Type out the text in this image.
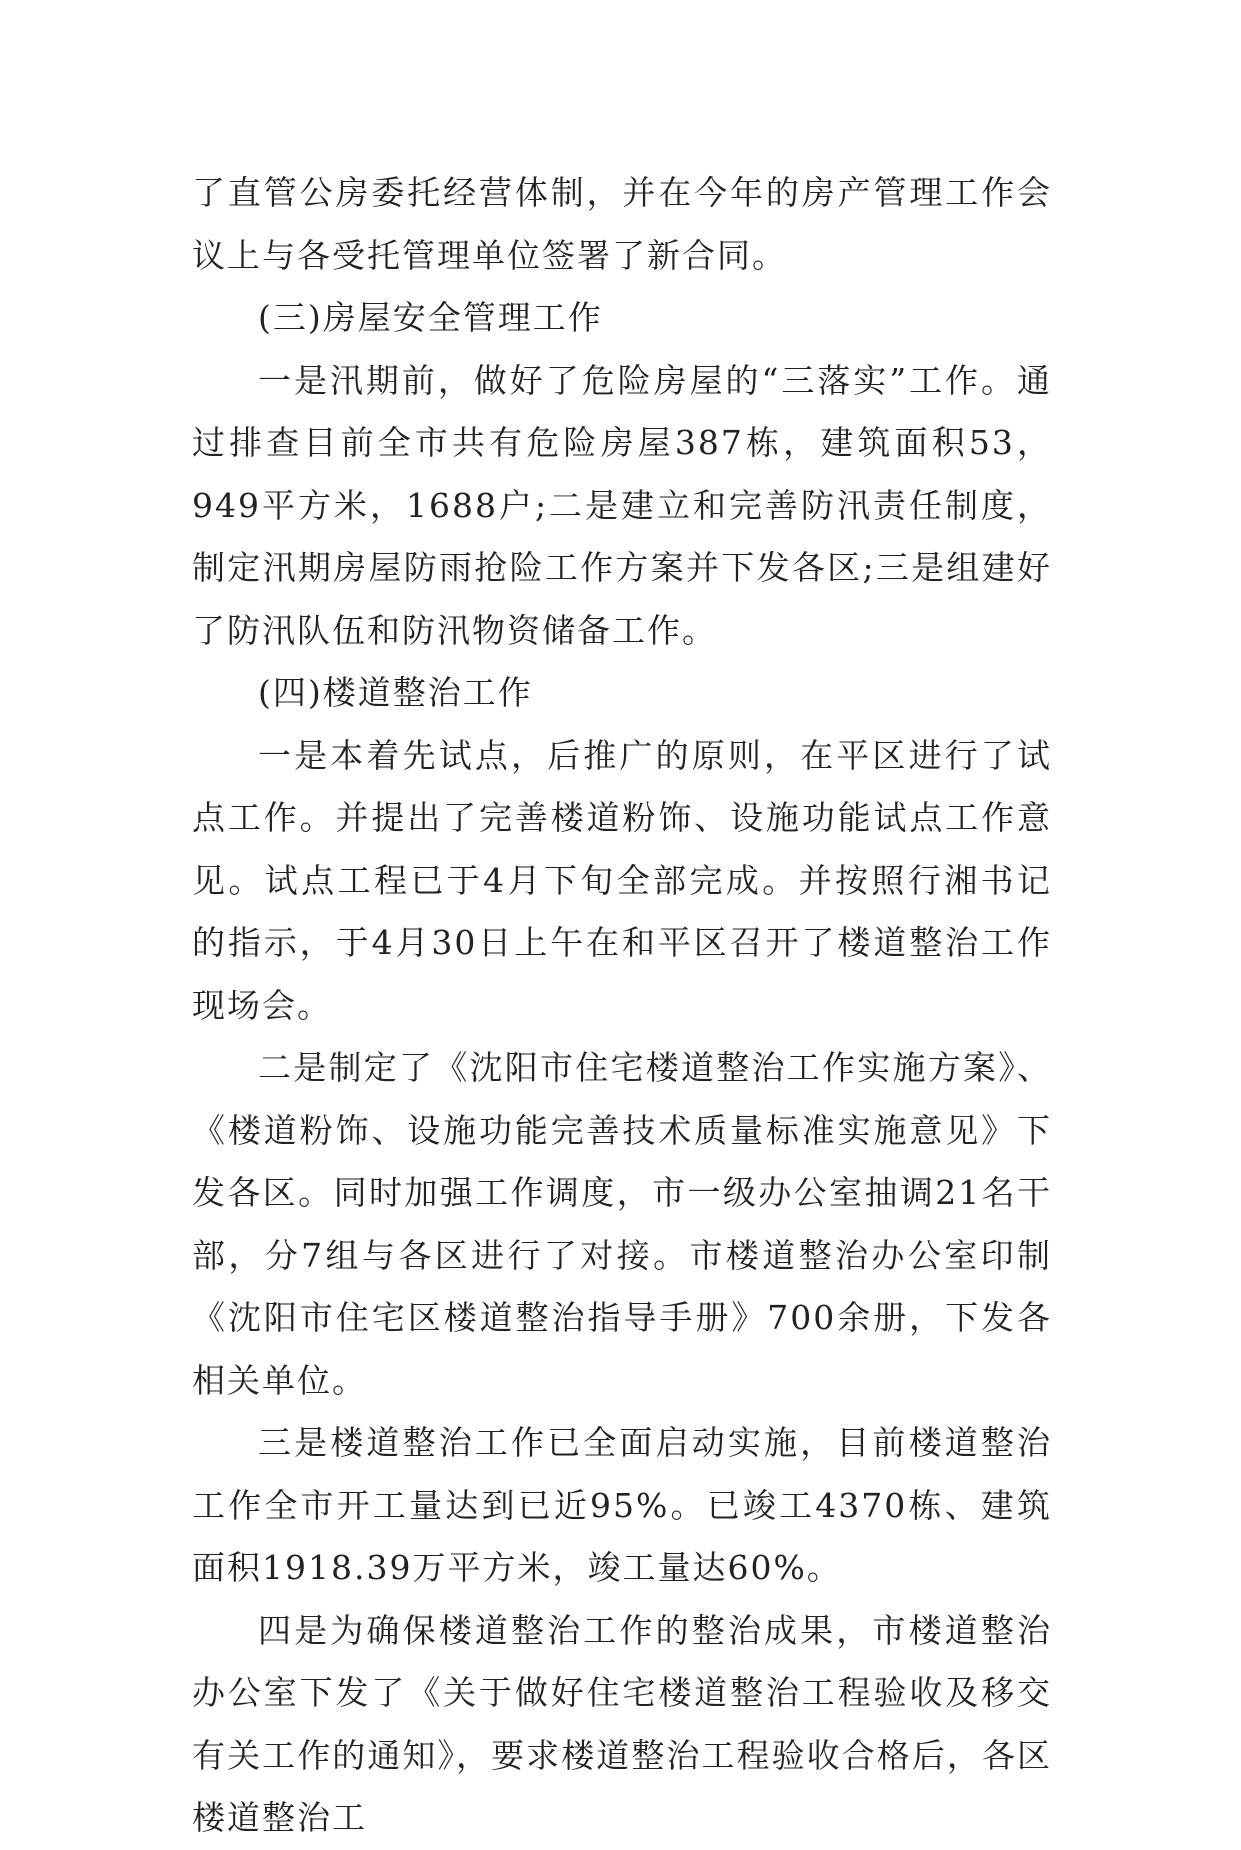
了直管公房委托经营体制，并在今年的房产管理工作会议上与各受托管理单位签署了新合同。

(三)房屋安全管理工作

一是汛期前，做好了危险房屋的“三落实”工作。通过排查目前全市共有危险房屋387栋，建筑面积53，949平方米，1688户;二是建立和完善防汛责任制度，制定汛期房屋防雨抢险工作方案并下发各区;三是组建好了防汛队伍和防汛物资储备工作。

(四)楼道整治工作

一是本着先试点，后推广的原则，在平区进行了试点工作。并提出了完善楼道粉饰、设施功能试点工作意见。试点工程已于4月下旬全部完成。并按照行湘书记的指示，于4月30日上午在和平区召开了楼道整治工作现场会。

二是制定了《沈阳市住宅楼道整治工作实施方案》、《楼道粉饰、设施功能完善技术质量标准实施意见》下发各区。同时加强工作调度，市一级办公室抽调21名干部，分7组与各区进行了对接。市楼道整治办公室印制《沈阳市住宅区楼道整治指导手册》700余册，下发各相关单位。

三是楼道整治工作已全面启动实施，目前楼道整治工作全市开工量达到已近95%。已竣工4370栋、建筑面积1918.39万平方米，竣工量达60%。

四是为确保楼道整治工作的整治成果，市楼道整治办公室下发了《关于做好住宅楼道整治工程验收及移交有关工作的通知》，要求楼道整治工程验收合格后，各区楼道整治工
